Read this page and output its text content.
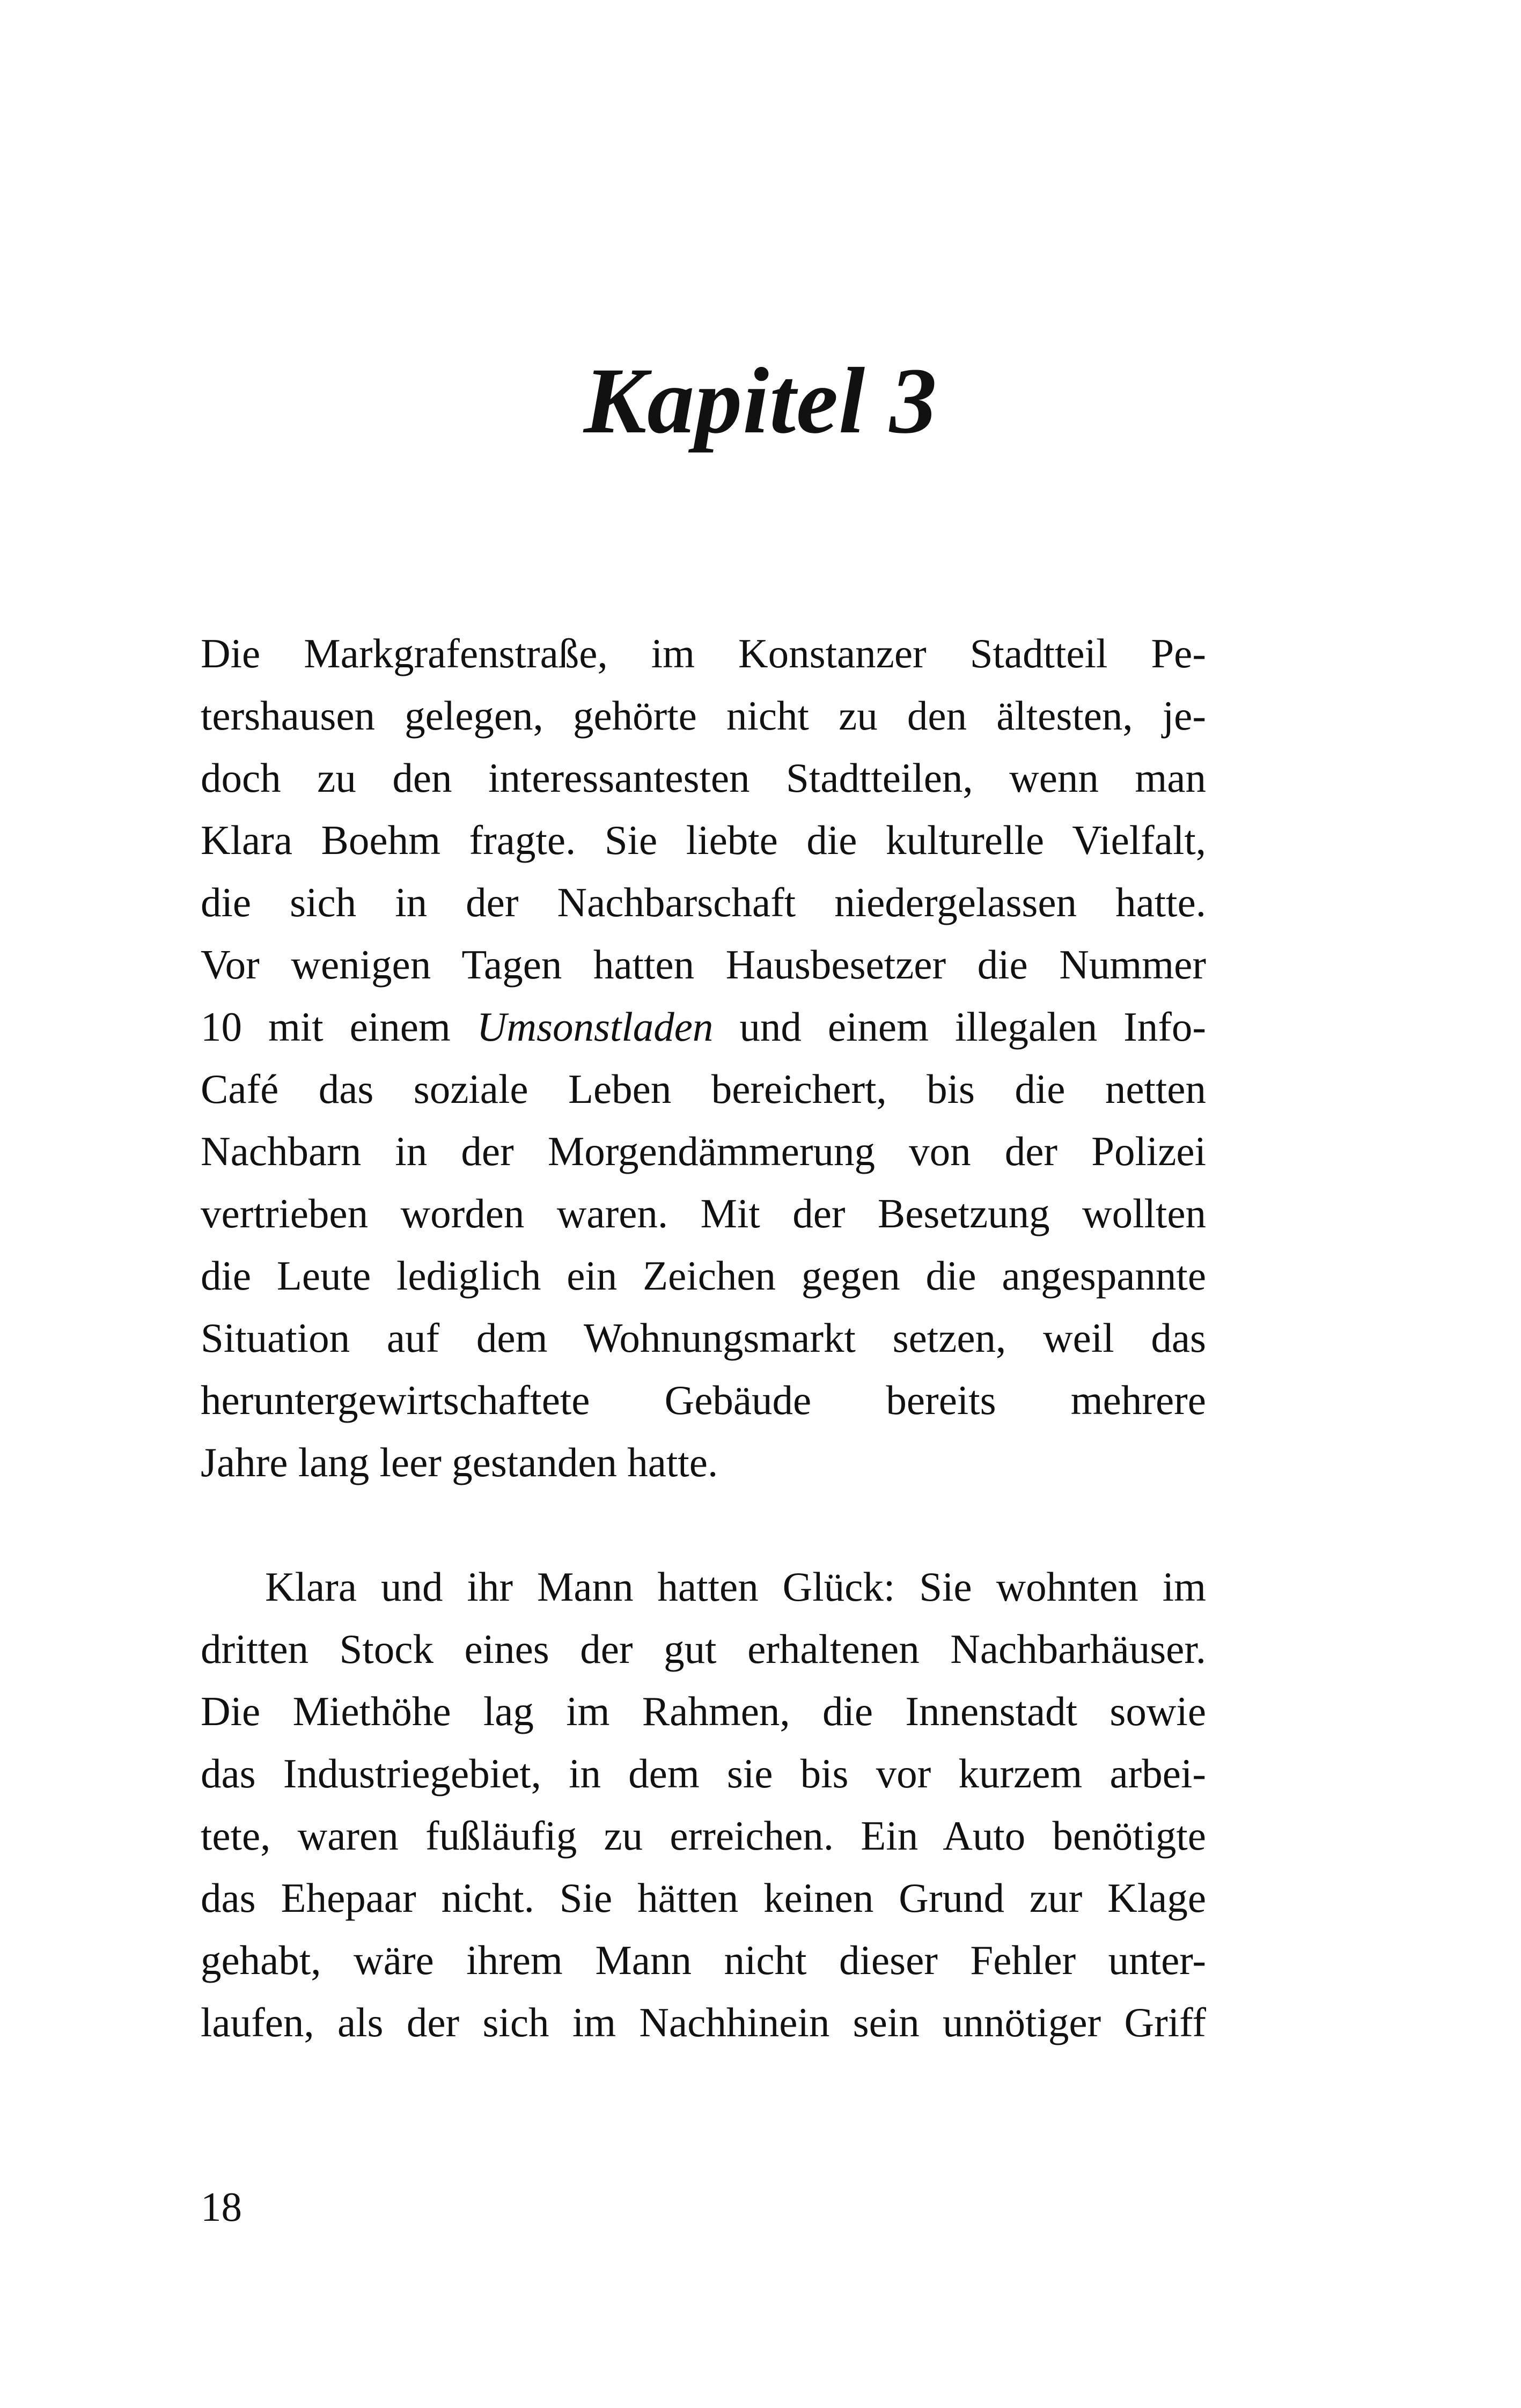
Kapitel 3
Die Markgrafenstraße, im Konstanzer Stadtteil Pe-
tershausen gelegen, gehörte nicht zu den ältesten, je-
doch zu den interessantesten Stadtteilen, wenn man
Klara Boehm fragte. Sie liebte die kulturelle Vielfalt,
die sich in der Nachbarschaft niedergelassen hatte.
Vor wenigen Tagen hatten Hausbesetzer die Nummer
10 mit einem Umsonstladen und einem illegalen Info-
Café das soziale Leben bereichert, bis die netten
Nachbarn in der Morgendämmerung von der Polizei
vertrieben worden waren. Mit der Besetzung wollten
die Leute lediglich ein Zeichen gegen die angespannte
Situation auf dem Wohnungsmarkt setzen, weil das
heruntergewirtschaftete Gebäude bereits mehrere
Jahre lang leer gestanden hatte.
Klara und ihr Mann hatten Glück: Sie wohnten im
dritten Stock eines der gut erhaltenen Nachbarhäuser.
Die Miethöhe lag im Rahmen, die Innenstadt sowie
das Industriegebiet, in dem sie bis vor kurzem arbei-
tete, waren fußläufig zu erreichen. Ein Auto benötigte
das Ehepaar nicht. Sie hätten keinen Grund zur Klage
gehabt, wäre ihrem Mann nicht dieser Fehler unter-
laufen, als der sich im Nachhinein sein unnötiger Griff
18
